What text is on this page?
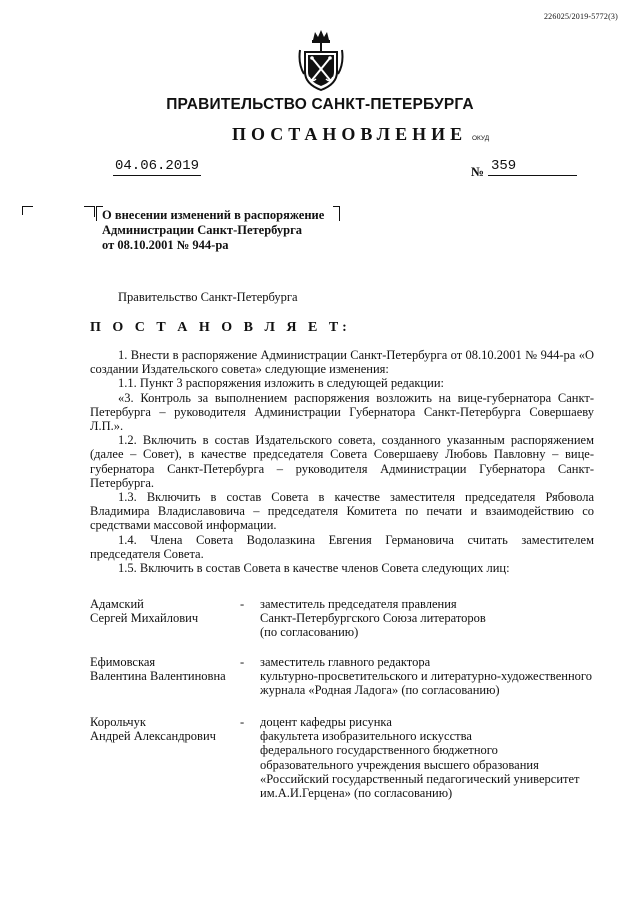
226025/2019-5772(3)
ПРАВИТЕЛЬСТВО САНКТ-ПЕТЕРБУРГА
ПОСТАНОВЛЕНИЕ ОКУД
04.06.2019	№ 359
О внесении изменений в распоряжение
Администрации Санкт-Петербурга
от 08.10.2001 № 944-ра
Правительство Санкт-Петербурга
П О С Т А Н О В Л Я Е Т:

1. Внести в распоряжение Администрации Санкт-Петербурга от 08.10.2001 № 944-ра «О создании Издательского совета» следующие изменения:

1.1. Пункт 3 распоряжения изложить в следующей редакции:

«3. Контроль за выполнением распоряжения возложить на вице-губернатора Санкт-Петербурга – руководителя Администрации Губернатора Санкт-Петербурга Совершаеву Л.П.».

1.2. Включить в состав Издательского совета, созданного указанным распоряжением (далее – Совет), в качестве председателя Совета Совершаеву Любовь Павловну – вице-губернатора Санкт-Петербурга – руководителя Администрации Губернатора Санкт-Петербурга.

1.3. Включить в состав Совета в качестве заместителя председателя Рябовола Владимира Владиславовича – председателя Комитета по печати и взаимодействию со средствами массовой информации.

1.4. Члена Совета Водолазкина Евгения Германовича считать заместителем председателя Совета.

1.5. Включить в состав Совета в качестве членов Совета следующих лиц:

Адамский
Сергей Михайлович
- заместитель председателя правления
Санкт-Петербургского Союза литераторов
(по согласованию)
Ефимовская
Валентина Валентиновна
- заместитель главного редактора
культурно-просветительского и литературно-художественного
журнала «Родная Ладога» (по согласованию)
Корольчук
Андрей Александрович
- доцент кафедры рисунка
факультета изобразительного искусства
федерального государственного бюджетного
образовательного учреждения высшего образования
«Российский государственный педагогический университет
им.А.И.Герцена» (по согласованию)
